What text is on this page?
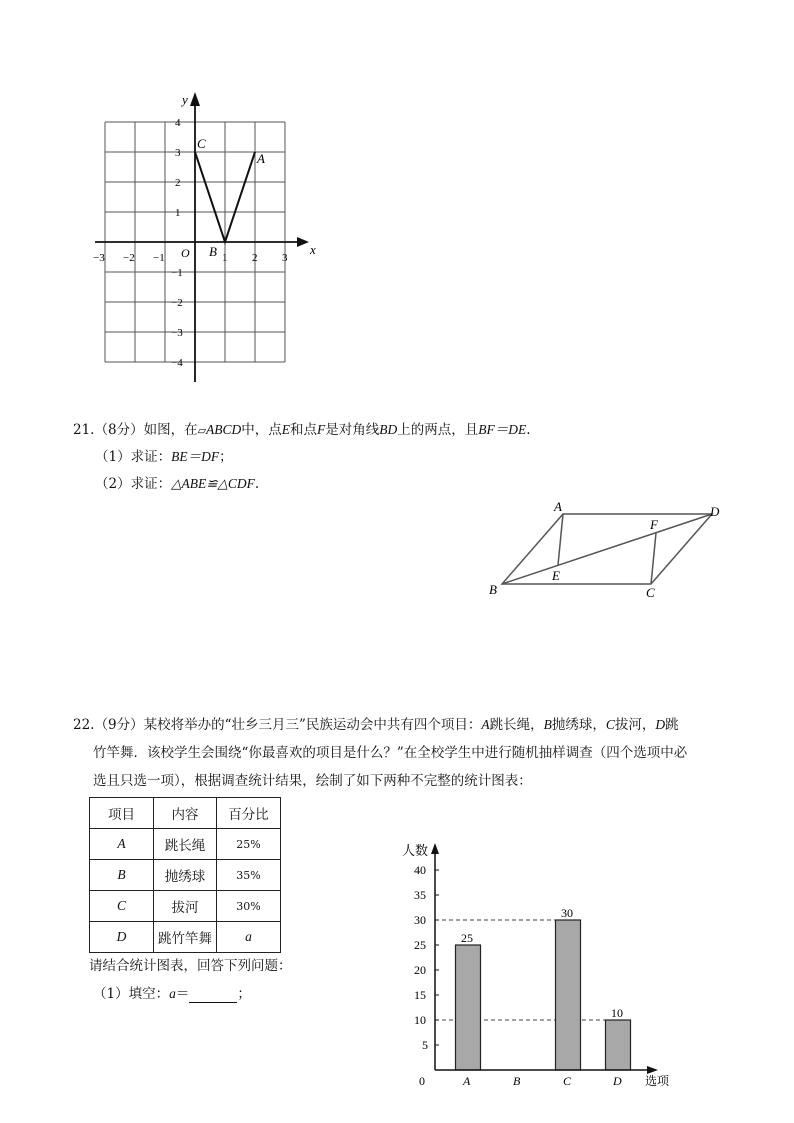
x
y
O
−3 −2 −1	1 2 3
4
3
2
1
−1
−2
−3
−4
C
B
A
21.（8分）如图，在▱ABCD中，点E和点F是对角线BD上的两点，且BF＝DE.
（1）求证：BE＝DF；
（2）求证：△ABE≌△CDF.
A	D
F
E
B	C
22.（9分）某校将举办的“壮乡三月三”民族运动会中共有四个项目：A跳长绳，B抛绣球，C拔河，D跳
竹竿舞．该校学生会围绕“你最喜欢的项目是什么？”在全校学生中进行随机抽样调查（四个选项中必
选且只选一项），根据调查统计结果，绘制了如下两种不完整的统计图表：
项目	内容	百分比
A	跳长绳	25%
B	抛绣球	35%
C	拔河	30%
D	跳竹竿舞	a
请结合统计图表，回答下列问题：
（1）填空：a＝	；
25
30
10
0
5
10
15
20
25
30
35
40
A	B	C	D
人数
选项
